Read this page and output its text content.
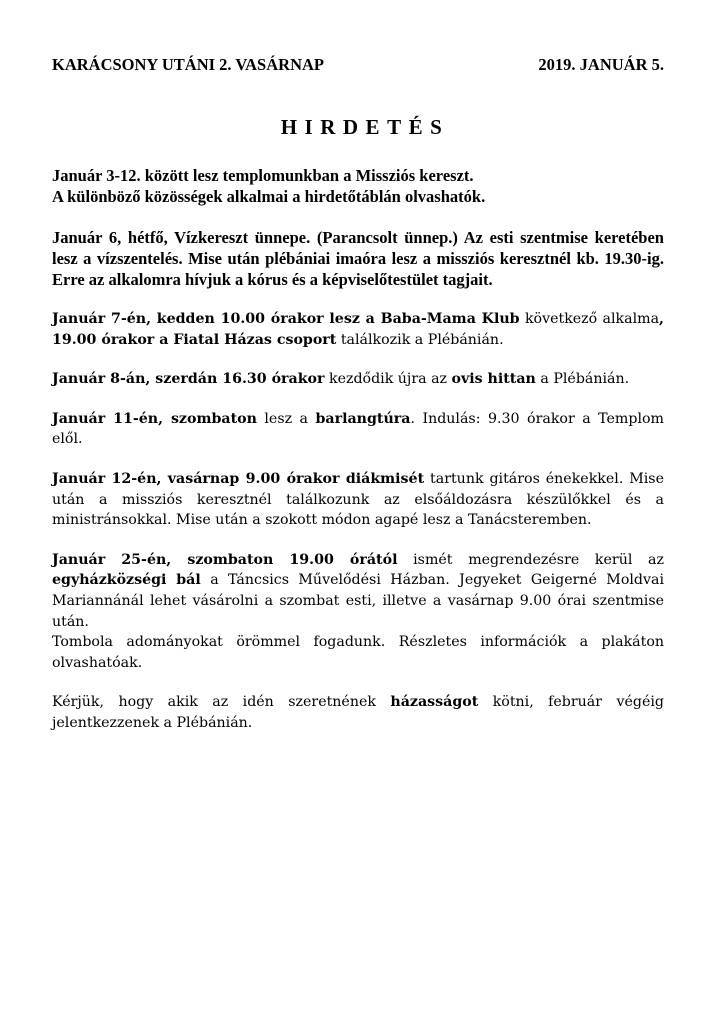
KARÁCSONY UTÁNI 2. VASÁRNAP	2019. JANUÁR 5.
HIRDETÉS
Január 3-12. között lesz templomunkban a Missziós kereszt.
A különböző közösségek alkalmai a hirdetőtáblán olvashatók.
Január 6, hétfő, Vízkereszt ünnepe. (Parancsolt ünnep.) Az esti szentmise keretében lesz a vízszentelés. Mise után plébániai imaóra lesz a missziós keresztnél kb. 19.30-ig. Erre az alkalomra hívjuk a kórus és a képviselőtestület tagjait.
Január 7-én, kedden 10.00 órakor lesz a Baba-Mama Klub következő alkalma, 19.00 órakor a Fiatal Házas csoport találkozik a Plébánián.
Január 8-án, szerdán 16.30 órakor kezdődik újra az ovis hittan a Plébánián.
Január 11-én, szombaton lesz a barlangtúra. Indulás: 9.30 órakor a Templom elől.
Január 12-én, vasárnap 9.00 órakor diákmisét tartunk gitáros énekekkel. Mise után a missziós keresztnél találkozunk az elsőáldozásra készülőkkel és a ministránsokkal. Mise után a szokott módon agapé lesz a Tanácsteremben.
Január 25-én, szombaton 19.00 órától ismét megrendezésre kerül az egyházközségi bál a Táncsics Művelődési Házban. Jegyeket Geigerné Moldvai Mariannánál lehet vásárolni a szombat esti, illetve a vasárnap 9.00 órai szentmise után.
Tombola adományokat örömmel fogadunk. Részletes információk a plakáton olvashatóak.
Kérjük, hogy akik az idén szeretnének házasságot kötni, február végéig jelentkezzenek a Plébánián.
